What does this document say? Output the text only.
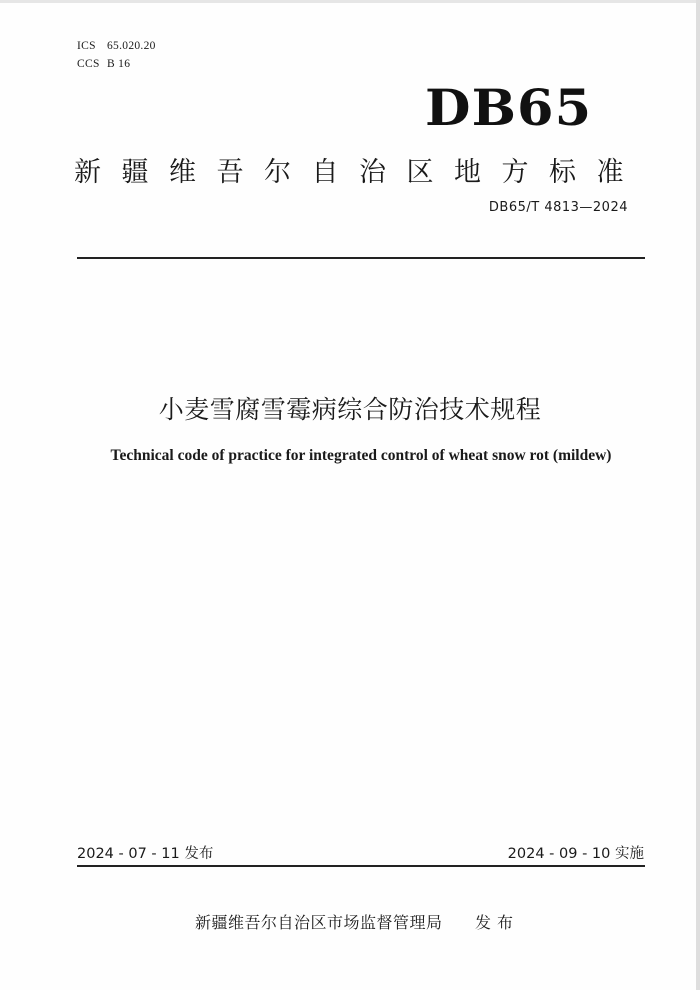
ICS 65.020.20
CCS B 16
DB65
新疆维吾尔自治区地方标准
DB65/T 4813—2024
小麦雪腐雪霉病综合防治技术规程
Technical code of practice for integrated control of wheat snow rot (mildew)
2024 - 07 - 11 发布	2024 - 09 - 10 实施
新疆维吾尔自治区市场监督管理局 发布
